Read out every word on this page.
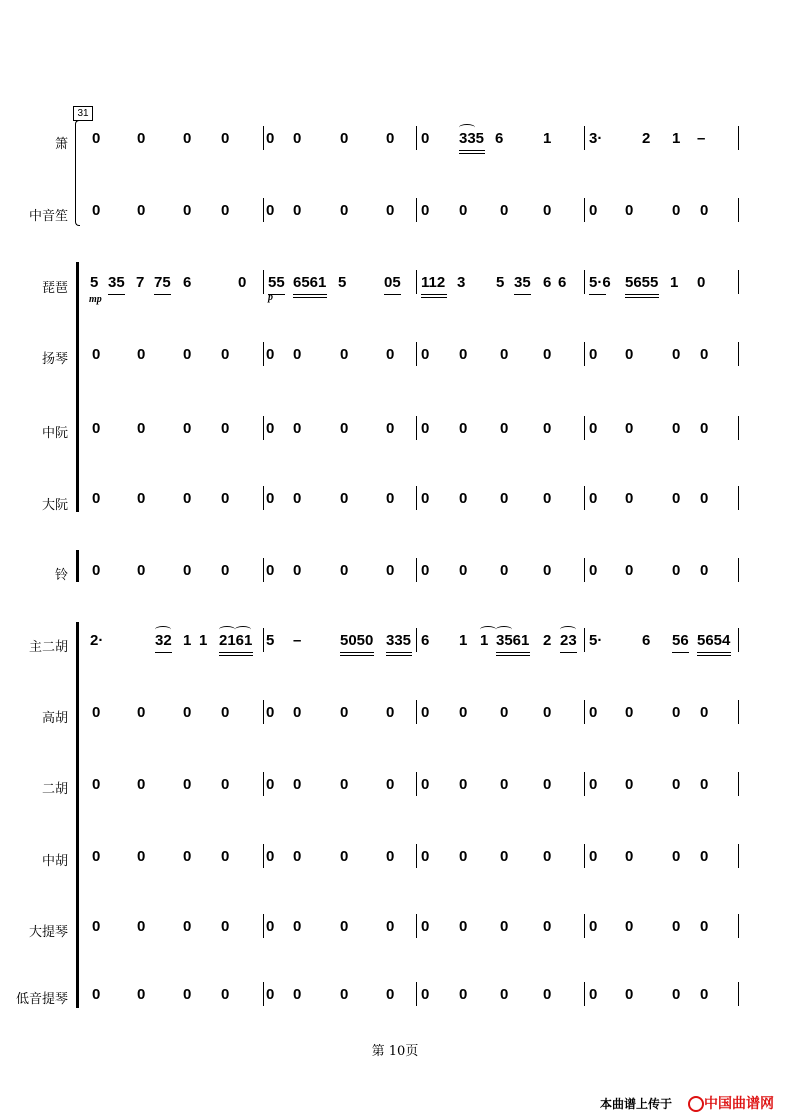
31
箫
中音笙
琵琶
扬琴
中阮
大阮
铃
主二胡
高胡
二胡
中胡
大提琴
低音提琴
0 0	0 0 0 0	0	0 0 335 6	1	3·	2 1 –
0 0	0 0 0 0	0	0 0 0 0 0	0 0	0 0
5 35 7 75 6	0 55 6561 5	05 112 3 5 35 6 6 5·6 5655 1 0
0 0	0 0 0 0	0	0 0 0 0 0	0 0	0 0
0 0	0 0 0 0	0	0 0 0 0 0	0 0	0 0
0 0	0 0 0 0	0	0 0 0 0 0	0 0	0 0
0 0	0 0 0 0	0	0 0 0 0 0	0 0	0 0
2·	32 1 1 2161 5 –	5050 335 6 1 1 3561 2 23 5·	6 56 5654
0 0	0 0 0 0	0	0 0 0 0 0	0 0	0 0
0 0	0 0 0 0	0	0 0 0 0 0	0 0	0 0
0 0	0 0 0 0	0	0 0 0 0 0	0 0	0 0
0 0	0 0 0 0	0	0 0 0 0 0	0 0	0 0
0 0	0 0 0 0	0	0 0 0 0 0	0 0	0 0
mp	p
第 10页
本曲谱上传于 中国曲谱网
